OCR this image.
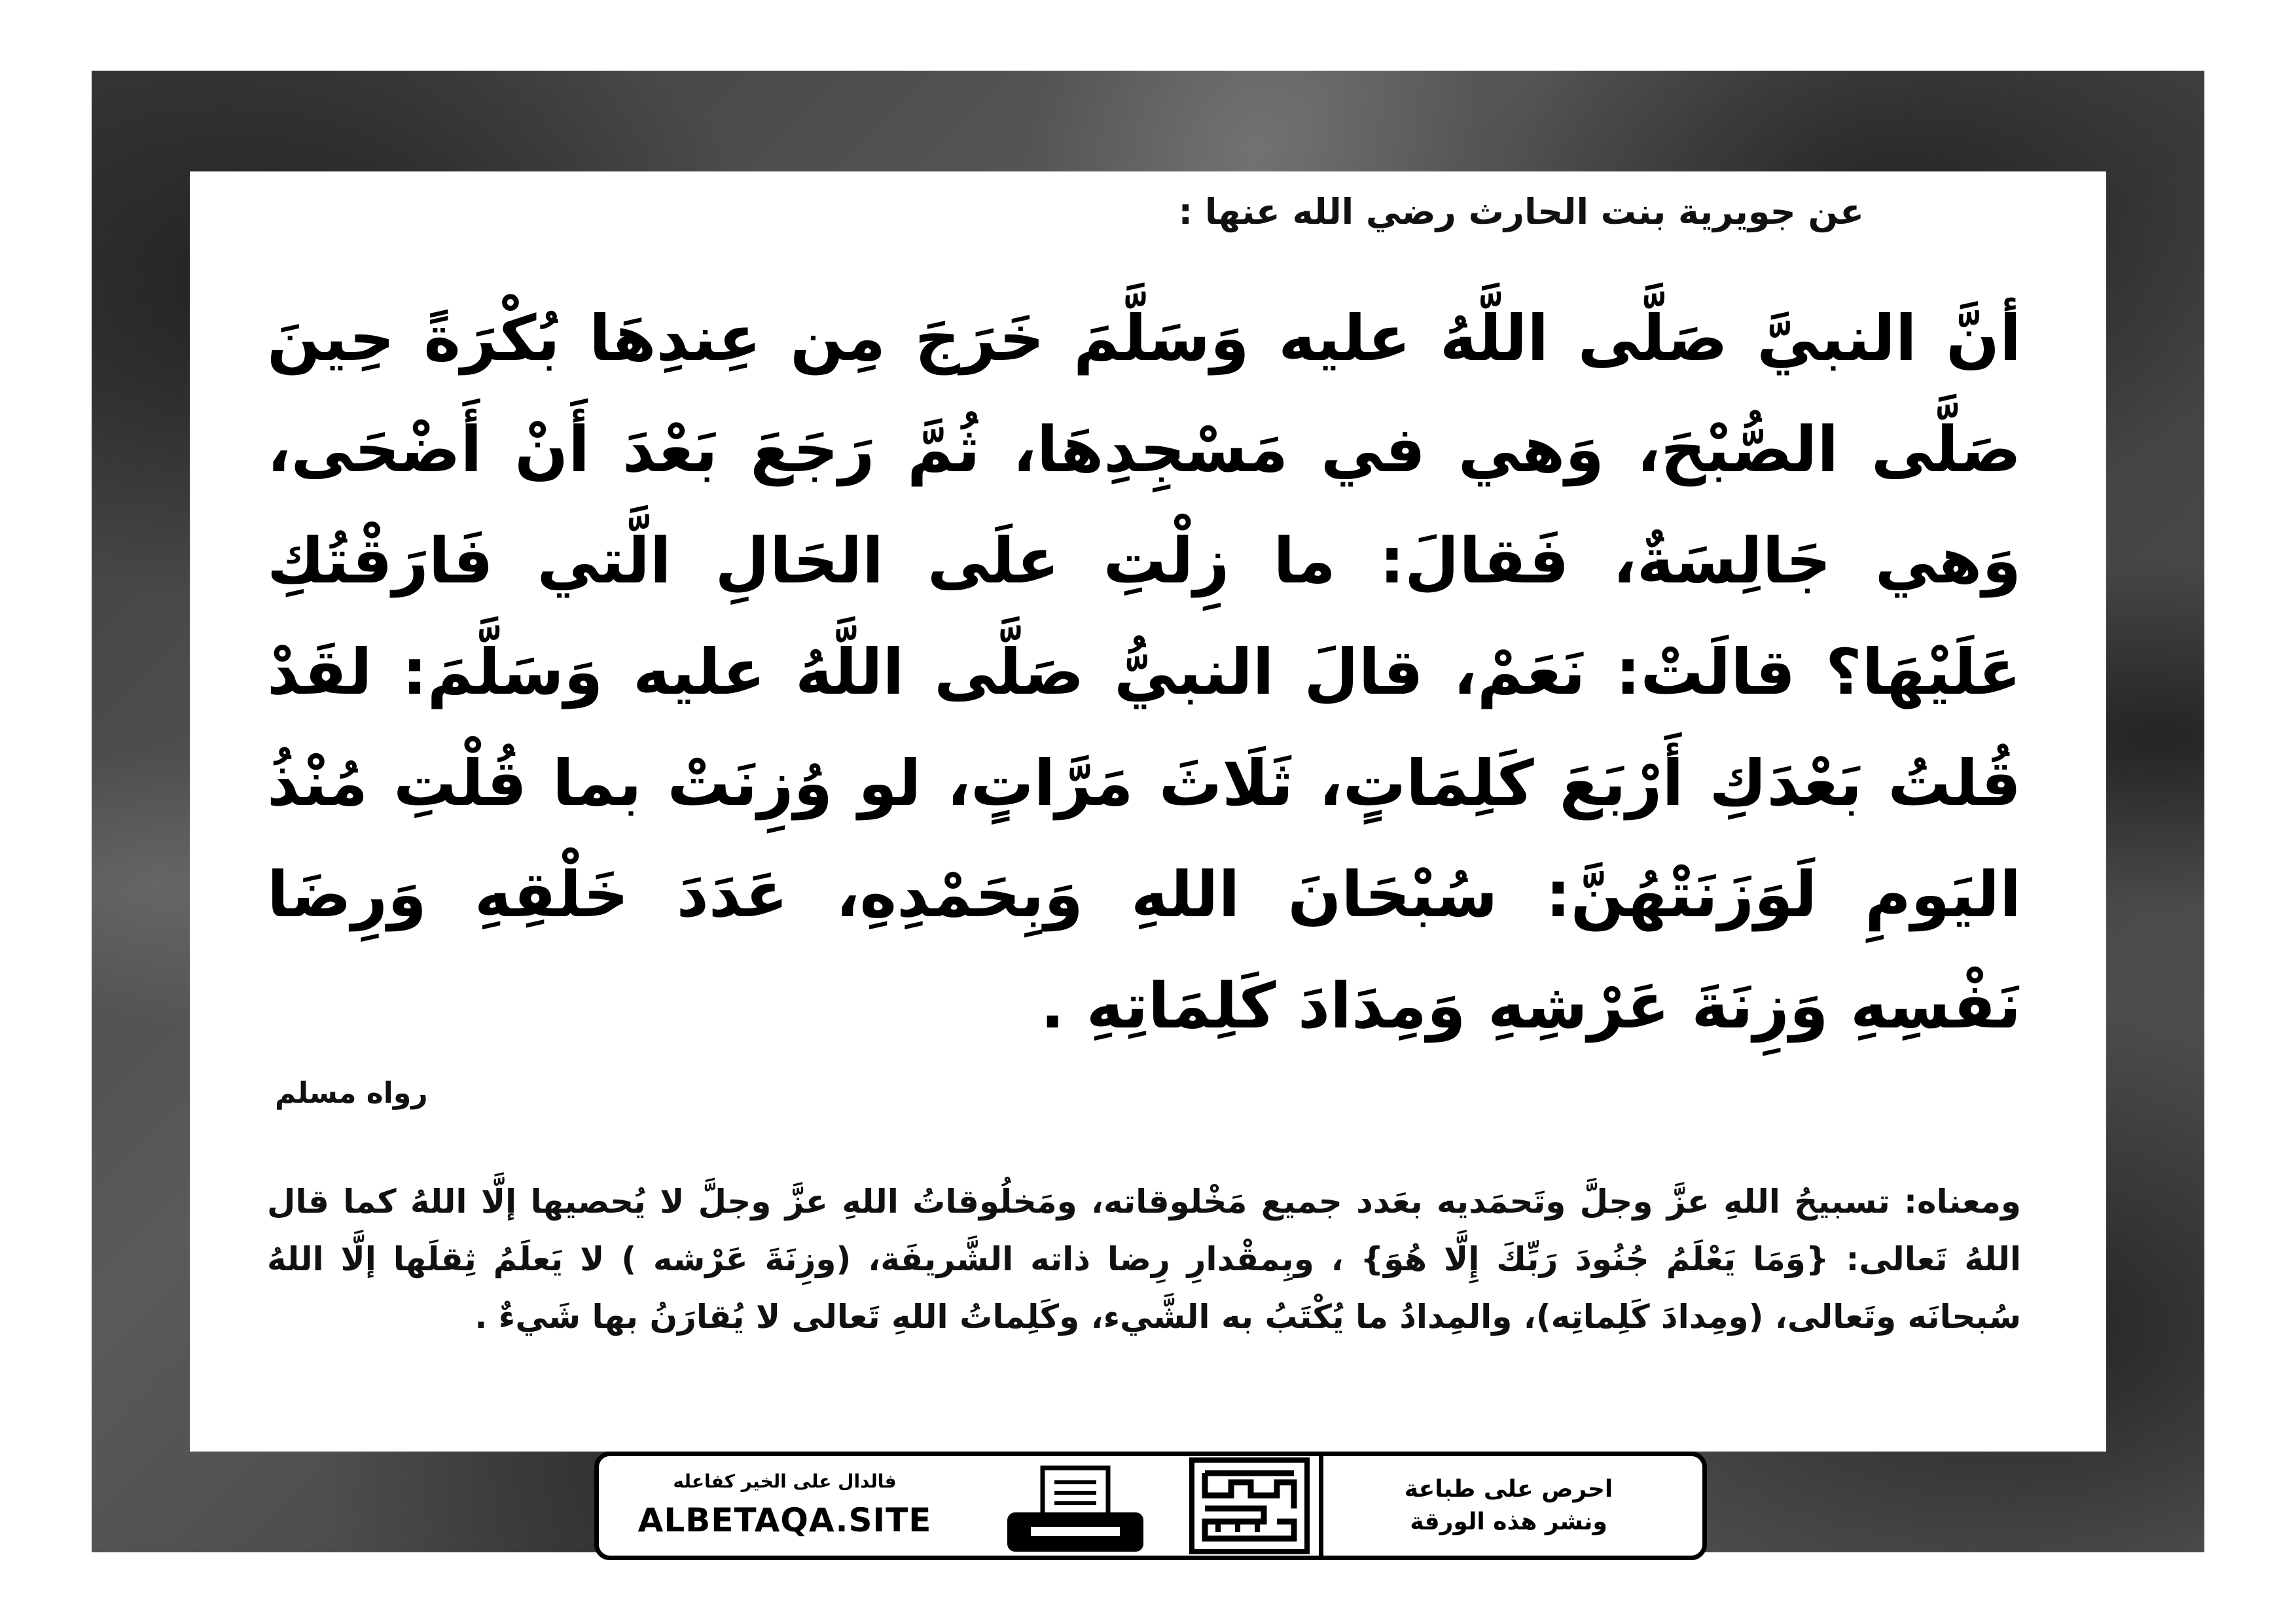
عن جويرية بنت الحارث رضي الله عنها :

أنَّ النبيَّ صَلَّى اللَّهُ عليه وَسَلَّمَ خَرَجَ مِن عِندِهَا بُكْرَةً حِينَ صَلَّى الصُّبْحَ، وَهي في مَسْجِدِهَا، ثُمَّ رَجَعَ بَعْدَ أَنْ أَضْحَى، وَهي جَالِسَةٌ، فَقالَ: ما زِلْتِ علَى الحَالِ الَّتي فَارَقْتُكِ عَلَيْهَا؟ قالَتْ: نَعَمْ، قالَ النبيُّ صَلَّى اللَّهُ عليه وَسَلَّمَ: لقَدْ قُلتُ بَعْدَكِ أَرْبَعَ كَلِمَاتٍ، ثَلَاثَ مَرَّاتٍ، لو وُزِنَتْ بما قُلْتِ مُنْذُ اليَومِ لَوَزَنَتْهُنَّ: سُبْحَانَ اللهِ وَبِحَمْدِهِ، عَدَدَ خَلْقِهِ وَرِضَا نَفْسِهِ وَزِنَةَ عَرْشِهِ وَمِدَادَ كَلِمَاتِهِ .

رواه مسلم

ومعناه: تسبيحُ اللهِ عزَّ وجلَّ وتَحمَديه بعَدد جميع مَخْلوقاته، ومَخلُوقاتُ اللهِ عزَّ وجلَّ لا يُحصيها إلَّا اللهُ كما قال اللهُ تَعالى: {وَمَا يَعْلَمُ جُنُودَ رَبِّكَ إِلَّا هُوَ} ، وبِمقْدارِ رِضا ذاته الشَّريفَة، (وزِنَةَ عَرْشه ) لا يَعلَمُ ثِقلَها إلَّا اللهُ سُبحانَه وتَعالى، (ومِدادَ كَلِماتِه)، والمِدادُ ما يُكْتَبُ به الشَّيء، وكَلِماتُ اللهِ تَعالى لا يُقارَنُ بها شَيءٌ .

فالدال على الخير كفاعله
ALBETAQA.SITE
احرص على طباعة
ونشر هذه الورقة
